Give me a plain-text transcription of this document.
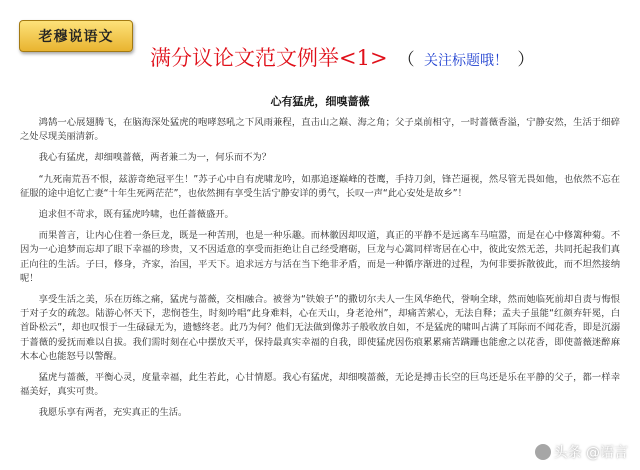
老穆说语文
满分议论文范文例举<1> （ 关注标题哦！ ）
心有猛虎，细嗅蔷薇

鸿鹄一心展翅腾飞，在脑海深处猛虎的咆哮怒吼之下风雨兼程，直击山之巅、海之角；父子桌前相守，一时蔷薇香溢，宁静安然，生活于细碎之处尽现美丽清新。

我心有猛虎，却细嗅蔷薇，两者兼二为一，何乐而不为？

“九死南荒吾不恨，兹游奇绝冠平生！”苏子心中自有虎啸龙吟，如那追逐巅峰的苍鹰，手持刀剑，锋芒逼视，然尽管无畏如他，也依然不忘在征服的途中追忆亡妻“十年生死两茫茫”，也依然拥有享受生活宁静安详的勇气，长叹一声“此心安处是故乡”！

追求但不苛求，既有猛虎吟啸，也任蔷薇盛开。

而果普言，让内心住着一条巨龙，既是一种苦刑，也是一种乐趣。而林徽因却叹道，真正的平静不是远离车马喧嚣，而是在心中修篱种菊。不因为一心追梦而忘却了眼下幸福的珍贵，又不因适意的享受而拒绝让自己经受磨砺，巨龙与心篱同样寄居在心中，彼此安然无恙，共同托起我们真正向往的生活。子曰，修身，齐家，治国，平天下。追求远方与活在当下绝非矛盾，而是一种循序渐进的过程，为何非要拆散彼此，而不坦然接纳呢！

享受生活之美，乐在历练之痛，猛虎与蔷薇，交相融合。被誉为“铁娘子”的撒切尔夫人一生风华绝代，誉响全球，然而她临死前却自责与悔恨于对子女的疏忽。陆游心怀天下，悲悯苍生，时刻吟唱“此身难料，心在天山，身老沧州”，却痛苦萦心，无法自释；孟夫子虽能“红颜弃轩冕，白首卧松云”，却也叹恨于一生碌碌无为，遗憾终老。此乃为何？他们无法做到像苏子般收放自如，不是猛虎的啸叫占满了耳际而不闻花香，即是沉溺于蔷薇的爱抚而难以自拔。我们需时刻在心中摆放天平，保持最真实幸福的自我，即使猛虎因伤痕累累痛苦蹒跚也能愈之以花香，即使蔷薇迷醉麻木本心也能怒号以警醒。

猛虎与蔷薇，平衡心灵，度量幸福，此生若此，心甘情愿。我心有猛虎，却细嗅蔷薇，无论是搏击长空的巨鸟还是乐在平静的父子，都一样幸福美好，真实可贵。

我愿乐享有两者，充实真正的生活。

头条 @语言
